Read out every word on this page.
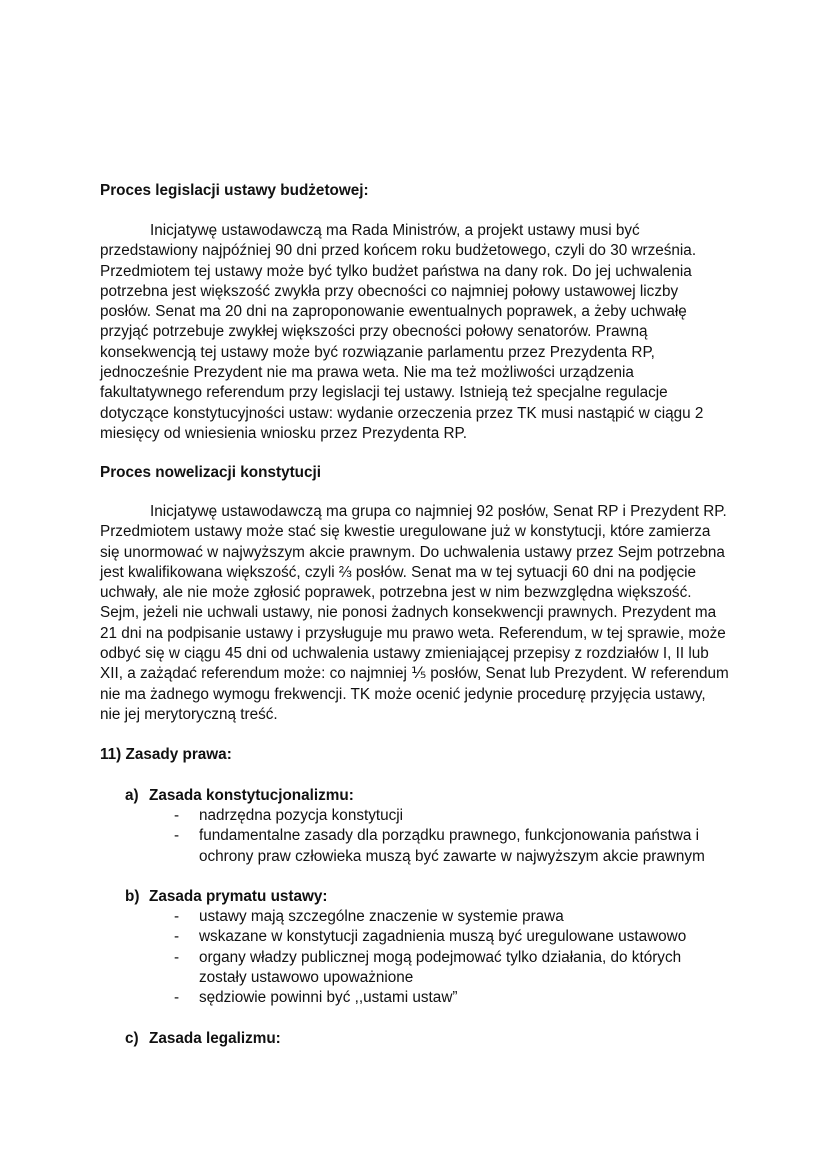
Proces legislacji ustawy budżetowej:
Inicjatywę ustawodawczą ma Rada Ministrów, a projekt ustawy musi być
przedstawiony najpóźniej 90 dni przed końcem roku budżetowego, czyli do 30 września.
Przedmiotem tej ustawy może być tylko budżet państwa na dany rok. Do jej uchwalenia
potrzebna jest większość zwykła przy obecności co najmniej połowy ustawowej liczby
posłów. Senat ma 20 dni na zaproponowanie ewentualnych poprawek, a żeby uchwałę
przyjąć potrzebuje zwykłej większości przy obecności połowy senatorów. Prawną
konsekwencją tej ustawy może być rozwiązanie parlamentu przez Prezydenta RP,
jednocześnie Prezydent nie ma prawa weta. Nie ma też możliwości urządzenia
fakultatywnego referendum przy legislacji tej ustawy. Istnieją też specjalne regulacje
dotyczące konstytucyjności ustaw: wydanie orzeczenia przez TK musi nastąpić w ciągu 2
miesięcy od wniesienia wniosku przez Prezydenta RP.
Proces nowelizacji konstytucji
Inicjatywę ustawodawczą ma grupa co najmniej 92 posłów, Senat RP i Prezydent RP.
Przedmiotem ustawy może stać się kwestie uregulowane już w konstytucji, które zamierza
się unormować w najwyższym akcie prawnym. Do uchwalenia ustawy przez Sejm potrzebna
jest kwalifikowana większość, czyli ⅔ posłów. Senat ma w tej sytuacji 60 dni na podjęcie
uchwały, ale nie może zgłosić poprawek, potrzebna jest w nim bezwzględna większość.
Sejm, jeżeli nie uchwali ustawy, nie ponosi żadnych konsekwencji prawnych. Prezydent ma
21 dni na podpisanie ustawy i przysługuje mu prawo weta. Referendum, w tej sprawie, może
odbyć się w ciągu 45 dni od uchwalenia ustawy zmieniającej przepisy z rozdziałów I, II lub
XII, a zażądać referendum może: co najmniej ⅕ posłów, Senat lub Prezydent. W referendum
nie ma żadnego wymogu frekwencji. TK może ocenić jedynie procedurę przyjęcia ustawy,
nie jej merytoryczną treść.
11) Zasady prawa:
a) Zasada konstytucjonalizmu:
- nadrzędna pozycja konstytucji
- fundamentalne zasady dla porządku prawnego, funkcjonowania państwa i
ochrony praw człowieka muszą być zawarte w najwyższym akcie prawnym
b) Zasada prymatu ustawy:
- ustawy mają szczególne znaczenie w systemie prawa
- wskazane w konstytucji zagadnienia muszą być uregulowane ustawowo
- organy władzy publicznej mogą podejmować tylko działania, do których
zostały ustawowo upoważnione
- sędziowie powinni być ,,ustami ustaw”
c) Zasada legalizmu:
